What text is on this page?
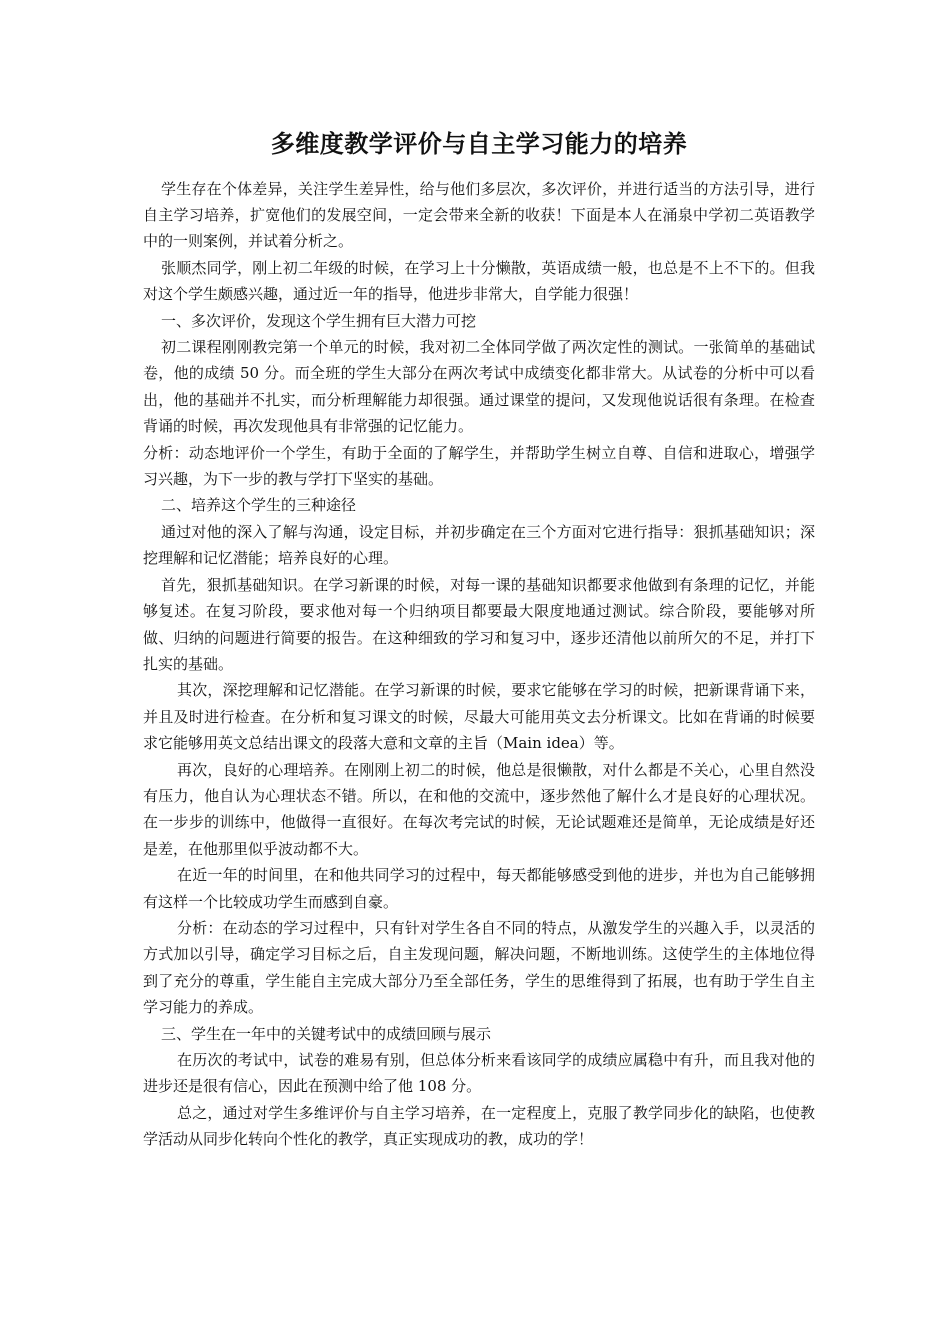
多维度教学评价与自主学习能力的培养

学生存在个体差异，关注学生差异性，给与他们多层次，多次评价，并进行适当的方法引导，进行自主学习培养，扩宽他们的发展空间，一定会带来全新的收获！下面是本人在涌泉中学初二英语教学中的一则案例，并试着分析之。

张顺杰同学，刚上初二年级的时候，在学习上十分懒散，英语成绩一般，也总是不上不下的。但我对这个学生颇感兴趣，通过近一年的指导，他进步非常大，自学能力很强！

一、多次评价，发现这个学生拥有巨大潜力可挖

初二课程刚刚教完第一个单元的时候，我对初二全体同学做了两次定性的测试。一张简单的基础试卷，他的成绩 50 分。而全班的学生大部分在两次考试中成绩变化都非常大。从试卷的分析中可以看出，他的基础并不扎实，而分析理解能力却很强。通过课堂的提问，又发现他说话很有条理。在检查背诵的时候，再次发现他具有非常强的记忆能力。

分析：动态地评价一个学生，有助于全面的了解学生，并帮助学生树立自尊、自信和进取心，增强学习兴趣，为下一步的教与学打下坚实的基础。

二、培养这个学生的三种途径

通过对他的深入了解与沟通，设定目标，并初步确定在三个方面对它进行指导：狠抓基础知识；深挖理解和记忆潜能；培养良好的心理。

首先，狠抓基础知识。在学习新课的时候，对每一课的基础知识都要求他做到有条理的记忆，并能够复述。在复习阶段，要求他对每一个归纳项目都要最大限度地通过测试。综合阶段，要能够对所做、归纳的问题进行简要的报告。在这种细致的学习和复习中，逐步还清他以前所欠的不足，并打下扎实的基础。

其次，深挖理解和记忆潜能。在学习新课的时候，要求它能够在学习的时候，把新课背诵下来，并且及时进行检查。在分析和复习课文的时候，尽最大可能用英文去分析课文。比如在背诵的时候要求它能够用英文总结出课文的段落大意和文章的主旨（Main idea）等。

再次，良好的心理培养。在刚刚上初二的时候，他总是很懒散，对什么都是不关心，心里自然没有压力，他自认为心理状态不错。所以，在和他的交流中，逐步然他了解什么才是良好的心理状况。在一步步的训练中，他做得一直很好。在每次考完试的时候，无论试题难还是简单，无论成绩是好还是差，在他那里似乎波动都不大。

在近一年的时间里，在和他共同学习的过程中，每天都能够感受到他的进步，并也为自己能够拥有这样一个比较成功学生而感到自豪。

分析：在动态的学习过程中，只有针对学生各自不同的特点，从激发学生的兴趣入手，以灵活的方式加以引导，确定学习目标之后，自主发现问题，解决问题，不断地训练。这使学生的主体地位得到了充分的尊重，学生能自主完成大部分乃至全部任务，学生的思维得到了拓展，也有助于学生自主学习能力的养成。

三、学生在一年中的关键考试中的成绩回顾与展示

在历次的考试中，试卷的难易有别，但总体分析来看该同学的成绩应属稳中有升，而且我对他的进步还是很有信心，因此在预测中给了他 108 分。

总之，通过对学生多维评价与自主学习培养，在一定程度上，克服了教学同步化的缺陷，也使教学活动从同步化转向个性化的教学，真正实现成功的教，成功的学！
